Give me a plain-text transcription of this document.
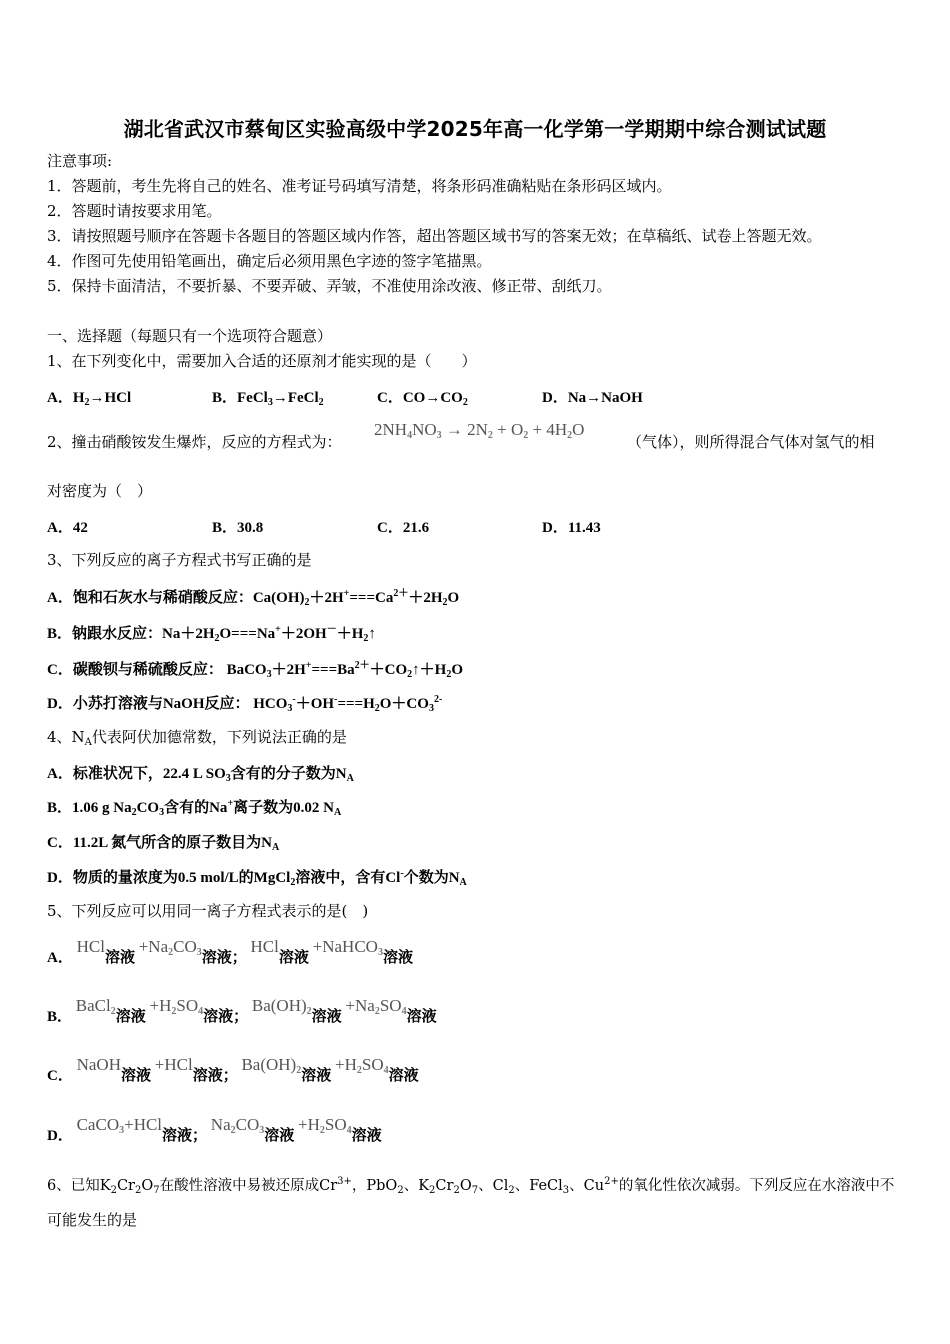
湖北省武汉市蔡甸区实验高级中学2025年高一化学第一学期期中综合测试试题
注意事项:
1．答题前，考生先将自己的姓名、准考证号码填写清楚，将条形码准确粘贴在条形码区域内。
2．答题时请按要求用笔。
3．请按照题号顺序在答题卡各题目的答题区域内作答，超出答题区域书写的答案无效；在草稿纸、试卷上答题无效。
4．作图可先使用铅笔画出，确定后必须用黑色字迹的签字笔描黑。
5．保持卡面清洁，不要折暴、不要弄破、弄皱，不准使用涂改液、修正带、刮纸刀。
一、选择题（每题只有一个选项符合题意）
1、在下列变化中，需要加入合适的还原剂才能实现的是（　　）
A．$H_2\to HCl$	B．FeCl$_3$→FeCl$_2$	C．$CO\to CO_2$	D．Na→NaOH
2、撞击硝酸铵发生爆炸，反应的方程式为：
$2NH_4NO_3 \to 2N_2 + O_2 + 4H_2O$
（气体），则所得混合气体对氢气的相
对密度为（　）
A．42	B．30.8	C．21.6	D．11.43
3、下列反应的离子方程式书写正确的是
A．饱和石灰水与稀硝酸反应：$Ca(OH)_2+2H^+===Ca^{2+}+2H_2O$
B．钠跟水反应：$Na+2H_2O===Na^++2OH^-+H_2↑$
C．碳酸钡与稀硫酸反应： $BaCO_3+2H^+===Ba^{2+}+CO_2↑+H_2O$
D．小苏打溶液与NaOH反应： $HCO_3^-+OH^-===H_2O+CO_3^{2-}$
4、$N_A$代表阿伏加德常数，下列说法正确的是
A．标准状况下，22.4 L $SO_3$含有的分子数为$N_A$
B．1.06 g $Na_2CO_3$含有的Na+离子数为0.02 $N_A$
C．11.2L 氮气所含的原子数目为$N_A$
D．物质的量浓度为0.5 mol/L的MgCl$_2$溶液中，含有Cl-个数为$N_A$
5、下列反应可以用同一离子方程式表示的是(　)
A． HCl溶液 $+Na_2CO_3$溶液； HCl溶液 +NaHCO$_3$溶液
B． BaCl$_2$溶液 $+H_2SO_4$溶液； $Ba(OH)_2$溶液 $+Na_2SO_4$溶液
C． NaOH溶液 +HCl溶液； $Ba(OH)_2$溶液 $+H_2SO_4$溶液
D． CaCO$_3$+HCl溶液； $Na_2CO_3$溶液 $+H_2SO_4$溶液
6、已知$K_2Cr_2O_7$在酸性溶液中易被还原成$Cr^{3+}$，PbO$_2$、$K_2Cr_2O_7$、$Cl_2$、FeCl$_3$、$Cu^{2+}$的氧化性依次减弱。下列反应在水溶液中不
可能发生的是
